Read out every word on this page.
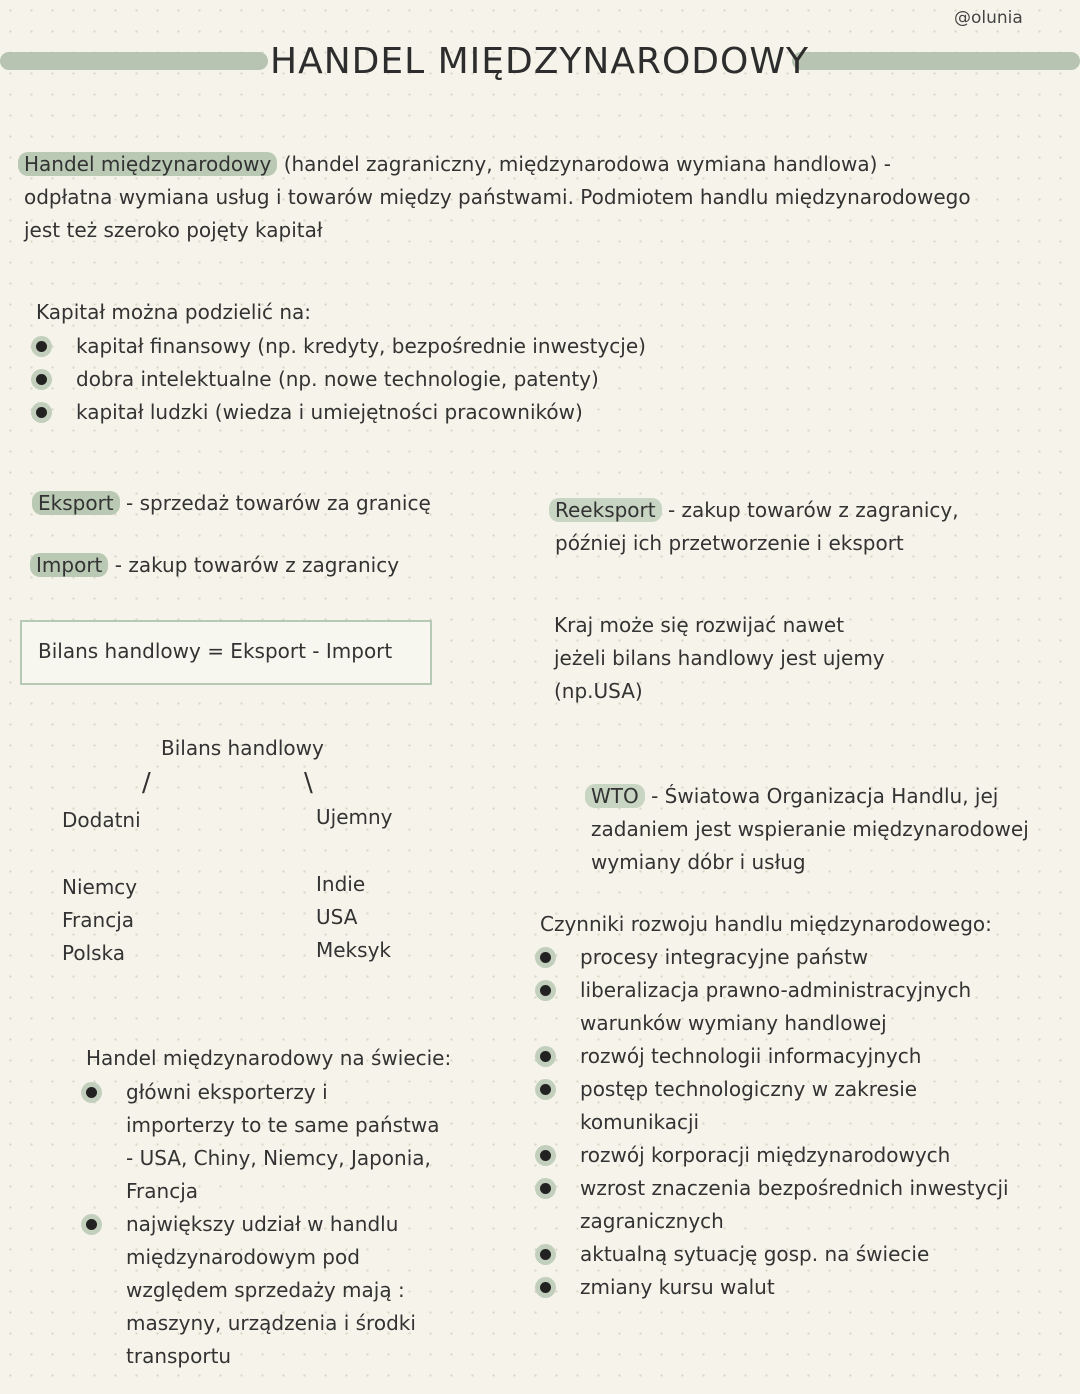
@olunia
HANDEL MIĘDZYNARODOWY
Handel międzynarodowy (handel zagraniczny, międzynarodowa wymiana handlowa) -
odpłatna wymiana usług i towarów między państwami. Podmiotem handlu międzynarodowego
jest też szeroko pojęty kapitał
Kapitał można podzielić na:
kapitał finansowy (np. kredyty, bezpośrednie inwestycje)
dobra intelektualne (np. nowe technologie, patenty)
kapitał ludzki (wiedza i umiejętności pracowników)
Eksport - sprzedaż towarów za granicę
Import - zakup towarów z zagranicy
Reeksport - zakup towarów z zagranicy,
później ich przetworzenie i eksport
Bilans handlowy = Eksport - Import
Kraj może się rozwijać nawet
jeżeli bilans handlowy jest ujemy
(np.USA)
Bilans handlowy
/	\
Dodatni	Ujemny
Niemcy
Francja
Polska
Indie
USA
Meksyk
WTO - Światowa Organizacja Handlu, jej
zadaniem jest wspieranie międzynarodowej
wymiany dóbr i usług
Handel międzynarodowy na świecie:
główni eksporterzy i
importerzy to te same państwa
- USA, Chiny, Niemcy, Japonia,
Francja
największy udział w handlu
międzynarodowym pod
względem sprzedaży mają :
maszyny, urządzenia i środki
transportu
Czynniki rozwoju handlu międzynarodowego:
procesy integracyjne państw
liberalizacja prawno-administracyjnych
warunków wymiany handlowej
rozwój technologii informacyjnych
postęp technologiczny w zakresie
komunikacji
rozwój korporacji międzynarodowych
wzrost znaczenia bezpośrednich inwestycji
zagranicznych
aktualną sytuację gosp. na świecie
zmiany kursu walut
